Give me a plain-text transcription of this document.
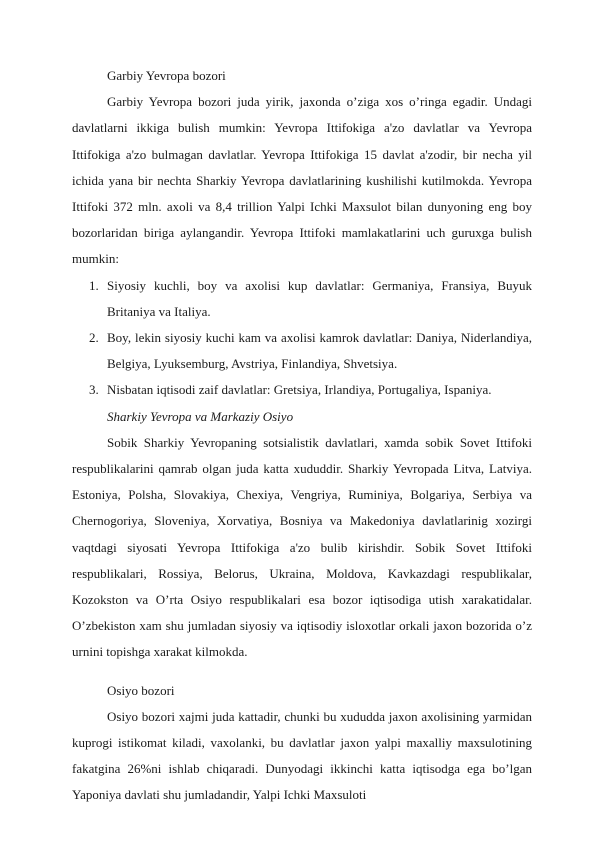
Garbiy Yevropa bozori

Garbiy Yevropa bozori juda yirik, jaxonda o’ziga xos o’ringa egadir. Undagi davlatlarni ikkiga bulish mumkin: Yevropa Ittifokiga a'zo davlatlar va Yevropa Ittifokiga a'zo bulmagan davlatlar. Yevropa Ittifokiga 15 davlat a'zodir, bir necha yil ichida yana bir nechta Sharkiy Yevropa davlatlarining kushilishi kutilmokda. Yevropa Ittifoki 372 mln. axoli va 8,4 trillion Yalpi Ichki Maxsulot bilan dunyoning eng boy bozorlaridan biriga aylangandir. Yevropa Ittifoki mamlakatlarini uch guruxga bulish mumkin:

1. Siyosiy kuchli, boy va axolisi kup davlatlar: Germaniya, Fransiya, Buyuk Britaniya va Italiya.
2. Boy, lekin siyosiy kuchi kam va axolisi kamrok davlatlar: Daniya, Niderlandiya, Belgiya, Lyuksemburg, Avstriya, Finlandiya, Shvetsiya.
3. Nisbatan iqtisodi zaif davlatlar: Gretsiya, Irlandiya, Portugaliya, Ispaniya.

Sharkiy Yevropa va Markaziy Osiyo

Sobik Sharkiy Yevropaning sotsialistik davlatlari, xamda sobik Sovet Ittifoki respublikalarini qamrab olgan juda katta xududdir. Sharkiy Yevropada Litva, Latviya. Estoniya, Polsha, Slovakiya, Chexiya, Vengriya, Ruminiya, Bolgariya, Serbiya va Chernogoriya, Sloveniya, Xorvatiya, Bosniya va Makedoniya davlatlarinig xozirgi vaqtdagi siyosati Yevropa Ittifokiga a'zo bulib kirishdir. Sobik Sovet Ittifoki respublikalari, Rossiya, Belorus, Ukraina, Moldova, Kavkazdagi respublikalar, Kozokston va O’rta Osiyo respublikalari esa bozor iqtisodiga utish xarakatidalar. O’zbekiston xam shu jumladan siyosiy va iqtisodiy isloxotlar orkali jaxon bozorida o’z urnini topishga xarakat kilmokda.

Osiyo bozori

Osiyo bozori xajmi juda kattadir, chunki bu xududda jaxon axolisining yarmidan kuprogi istikomat kiladi, vaxolanki, bu davlatlar jaxon yalpi maxalliy maxsulotining fakatgina 26%ni ishlab chiqaradi. Dunyodagi ikkinchi katta iqtisodga ega bo’lgan Yaponiya davlati shu jumladandir, Yalpi Ichki Maxsuloti
